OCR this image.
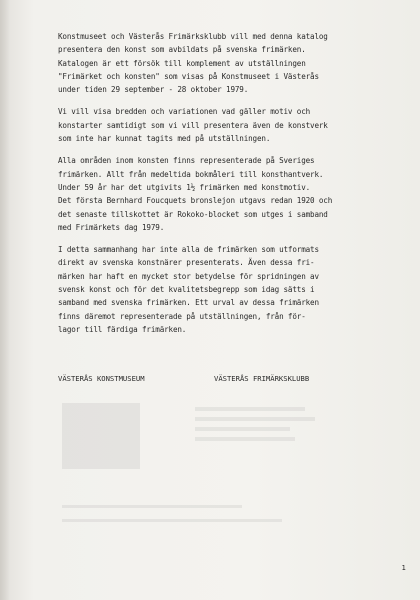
Konstmuseet och Västerås Frimärksklubb vill med denna katalog
presentera den konst som avbildats på svenska frimärken.
Katalogen är ett försök till komplement av utställningen
"Frimärket och konsten" som visas på Konstmuseet i Västerås
under tiden 29 september - 28 oktober 1979.
Vi vill visa bredden och variationen vad gäller motiv och
konstarter samtidigt som vi vill presentera även de konstverk
som inte har kunnat tagits med på utställningen.
Alla områden inom konsten finns representerade på Sveriges
frimärken. Allt från medeltida bokmåleri till konsthantverk.
Under 59 år har det utgivits 1½ frimärken med konstmotiv.
Det första Bernhard Foucquets bronslejon utgavs redan 1920 och
det senaste tillskottet är Rokoko-blocket som utges i samband
med Frimärkets dag 1979.
I detta sammanhang har inte alla de frimärken som utformats
direkt av svenska konstnärer presenterats. Även dessa fri-
märken har haft en mycket stor betydelse för spridningen av
svensk konst och för det kvalitetsbegrepp som idag sätts i
samband med svenska frimärken. Ett urval av dessa frimärken
finns däremot representerade på utställningen, från för-
lagor till färdiga frimärken.
VÄSTERÅS KONSTMUSEUM	VÄSTERÅS FRIMÄRKSKLUBB
1
